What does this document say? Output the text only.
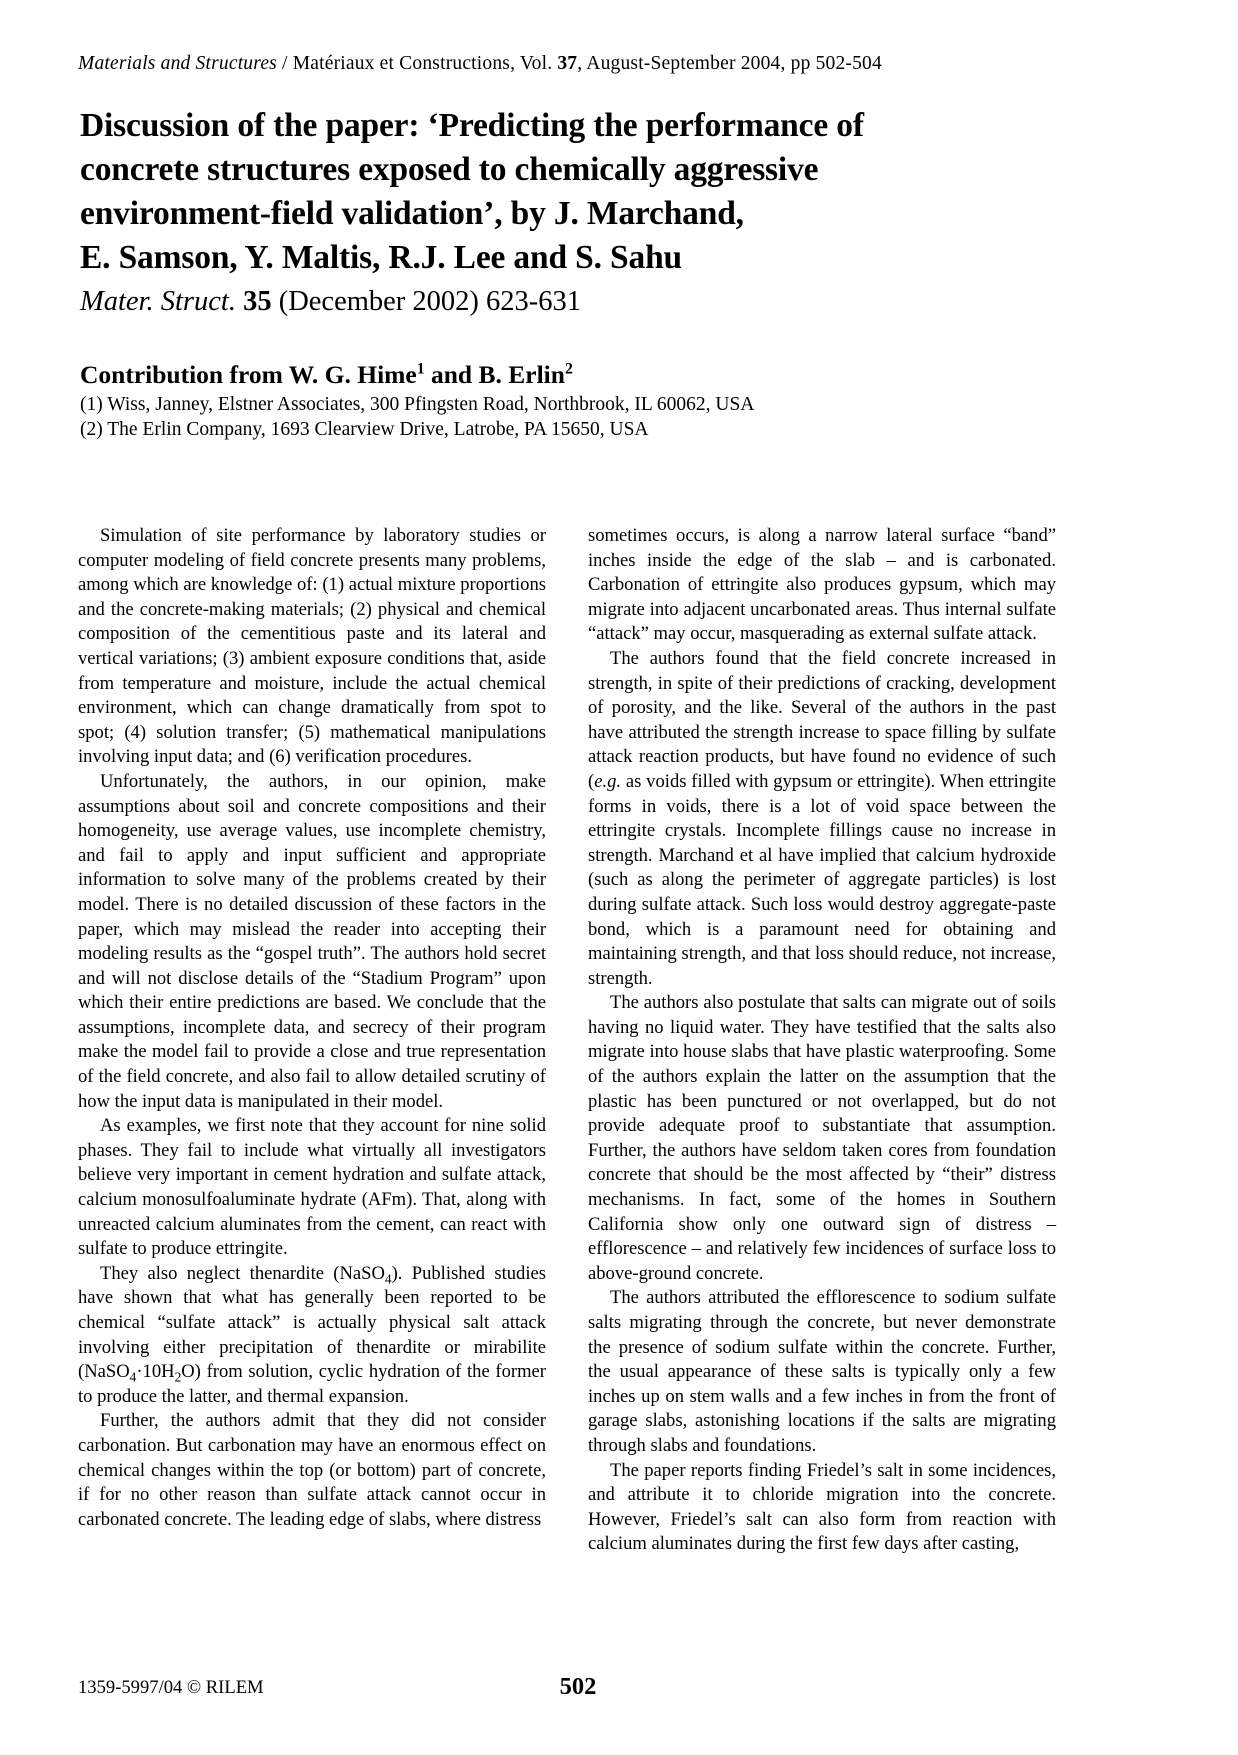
Materials and Structures / Matériaux et Constructions, Vol. 37, August-September 2004, pp 502-504
Discussion of the paper: ‘Predicting the performance of
concrete structures exposed to chemically aggressive
environment-field validation’, by J. Marchand,
E. Samson, Y. Maltis, R.J. Lee and S. Sahu
Mater. Struct. 35 (December 2002) 623-631
Contribution from W. G. Hime$^1$ and B. Erlin$^2$
(1) Wiss, Janney, Elstner Associates, 300 Pfingsten Road, Northbrook, IL 60062, USA
(2) The Erlin Company, 1693 Clearview Drive, Latrobe, PA 15650, USA

Simulation of site performance by laboratory studies or computer modeling of field concrete presents many problems, among which are knowledge of: (1) actual mixture proportions and the concrete-making materials; (2) physical and chemical composition of the cementitious paste and its lateral and vertical variations; (3) ambient exposure conditions that, aside from temperature and moisture, include the actual chemical environment, which can change dramatically from spot to spot; (4) solution transfer; (5) mathematical manipulations involving input data; and (6) verification procedures.

Unfortunately, the authors, in our opinion, make assumptions about soil and concrete compositions and their homogeneity, use average values, use incomplete chemistry, and fail to apply and input sufficient and appropriate information to solve many of the problems created by their model. There is no detailed discussion of these factors in the paper, which may mislead the reader into accepting their modeling results as the “gospel truth”. The authors hold secret and will not disclose details of the “Stadium Program” upon which their entire predictions are based. We conclude that the assumptions, incomplete data, and secrecy of their program make the model fail to provide a close and true representation of the field concrete, and also fail to allow detailed scrutiny of how the input data is manipulated in their model.

As examples, we first note that they account for nine solid phases. They fail to include what virtually all investigators believe very important in cement hydration and sulfate attack, calcium monosulfoaluminate hydrate (AFm). That, along with unreacted calcium aluminates from the cement, can react with sulfate to produce ettringite.

They also neglect thenardite (NaSO$_4$). Published studies have shown that what has generally been reported to be chemical “sulfate attack” is actually physical salt attack involving either precipitation of thenardite or mirabilite $(NaSO_4\cdot 10H_2O)$ from solution, cyclic hydration of the former to produce the latter, and thermal expansion.

Further, the authors admit that they did not consider carbonation. But carbonation may have an enormous effect on chemical changes within the top (or bottom) part of concrete, if for no other reason than sulfate attack cannot occur in carbonated concrete. The leading edge of slabs, where distress

sometimes occurs, is along a narrow lateral surface “band” inches inside the edge of the slab – and is carbonated. Carbonation of ettringite also produces gypsum, which may migrate into adjacent uncarbonated areas. Thus internal sulfate “attack” may occur, masquerading as external sulfate attack.

The authors found that the field concrete increased in strength, in spite of their predictions of cracking, development of porosity, and the like. Several of the authors in the past have attributed the strength increase to space filling by sulfate attack reaction products, but have found no evidence of such (e.g. as voids filled with gypsum or ettringite). When ettringite forms in voids, there is a lot of void space between the ettringite crystals. Incomplete fillings cause no increase in strength. Marchand et al have implied that calcium hydroxide (such as along the perimeter of aggregate particles) is lost during sulfate attack. Such loss would destroy aggregate-paste bond, which is a paramount need for obtaining and maintaining strength, and that loss should reduce, not increase, strength.

The authors also postulate that salts can migrate out of soils having no liquid water. They have testified that the salts also migrate into house slabs that have plastic waterproofing. Some of the authors explain the latter on the assumption that the plastic has been punctured or not overlapped, but do not provide adequate proof to substantiate that assumption. Further, the authors have seldom taken cores from foundation concrete that should be the most affected by “their” distress mechanisms. In fact, some of the homes in Southern California show only one outward sign of distress – efflorescence – and relatively few incidences of surface loss to above-ground concrete.

The authors attributed the efflorescence to sodium sulfate salts migrating through the concrete, but never demonstrate the presence of sodium sulfate within the concrete. Further, the usual appearance of these salts is typically only a few inches up on stem walls and a few inches in from the front of garage slabs, astonishing locations if the salts are migrating through slabs and foundations.

The paper reports finding Friedel’s salt in some incidences, and attribute it to chloride migration into the concrete. However, Friedel’s salt can also form from reaction with calcium aluminates during the first few days after casting,

1359-5997/04 © RILEM	502
